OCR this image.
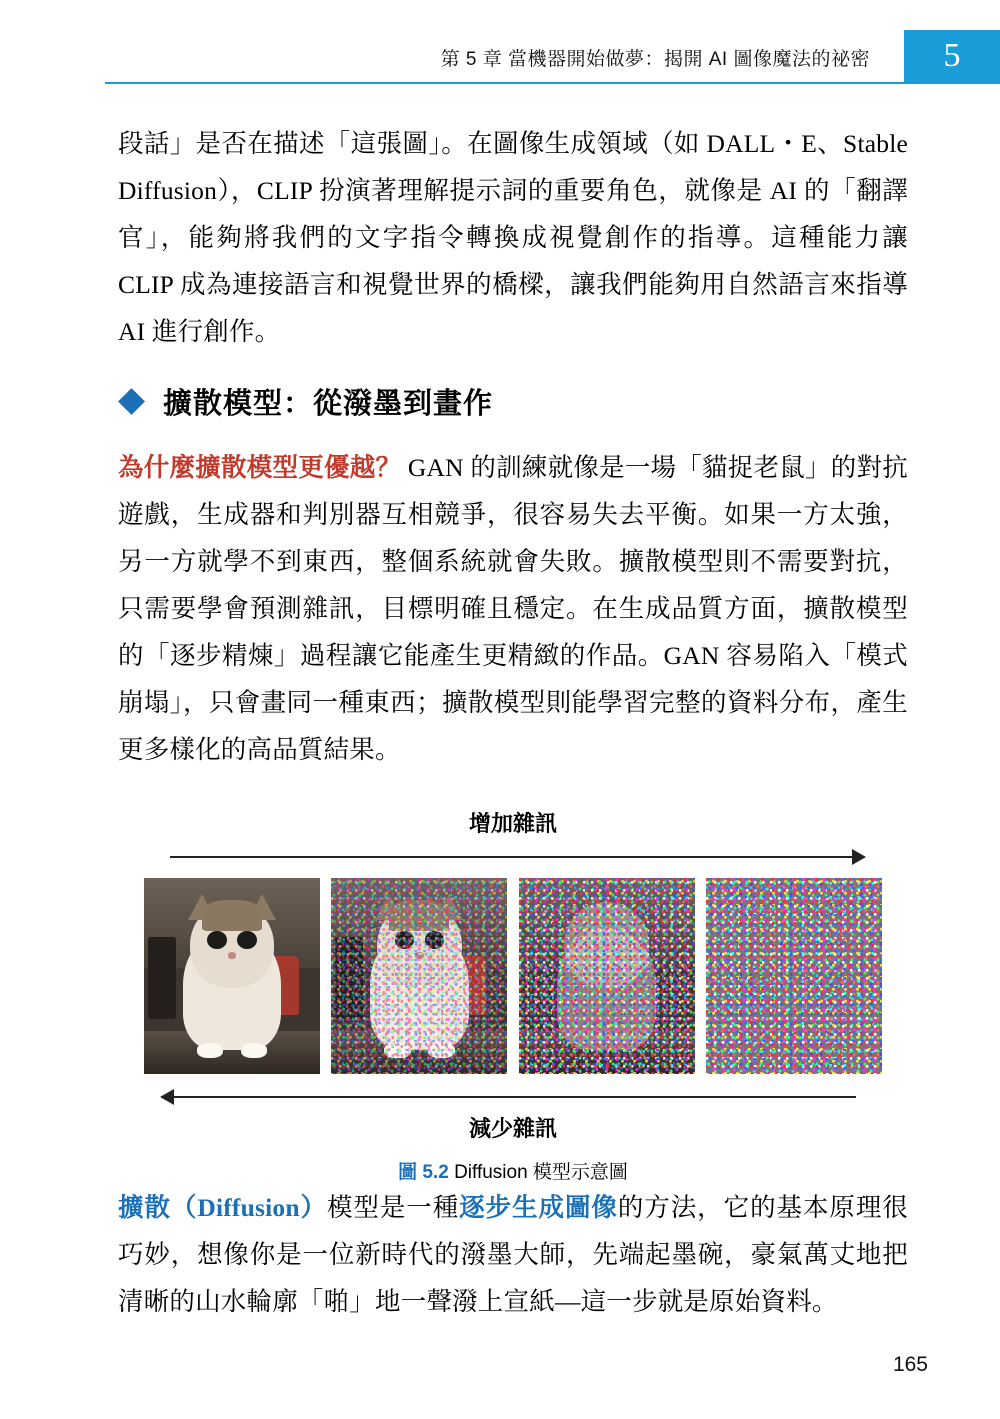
第 5 章 當機器開始做夢：揭開 AI 圖像魔法的祕密	5

段話」是否在描述「這張圖」。在圖像生成領域（如 DALL・E、Stable Diffusion），CLIP 扮演著理解提示詞的重要角色，就像是 AI 的「翻譯官」，能夠將我們的文字指令轉換成視覺創作的指導。這種能力讓 CLIP 成為連接語言和視覺世界的橋樑，讓我們能夠用自然語言來指導 AI 進行創作。

擴散模型：從潑墨到畫作

為什麼擴散模型更優越？ GAN 的訓練就像是一場「貓捉老鼠」的對抗遊戲，生成器和判別器互相競爭，很容易失去平衡。如果一方太強，另一方就學不到東西，整個系統就會失敗。擴散模型則不需要對抗，只需要學會預測雜訊，目標明確且穩定。在生成品質方面，擴散模型的「逐步精煉」過程讓它能產生更精緻的作品。GAN 容易陷入「模式崩塌」，只會畫同一種東西；擴散模型則能學習完整的資料分布，產生更多樣化的高品質結果。

增加雜訊
減少雜訊
圖 5.2 Diffusion 模型示意圖

擴散（Diffusion）模型是一種逐步生成圖像的方法，它的基本原理很巧妙，想像你是一位新時代的潑墨大師，先端起墨碗，豪氣萬丈地把清晰的山水輪廓「啪」地一聲潑上宣紙—這一步就是原始資料。

165
